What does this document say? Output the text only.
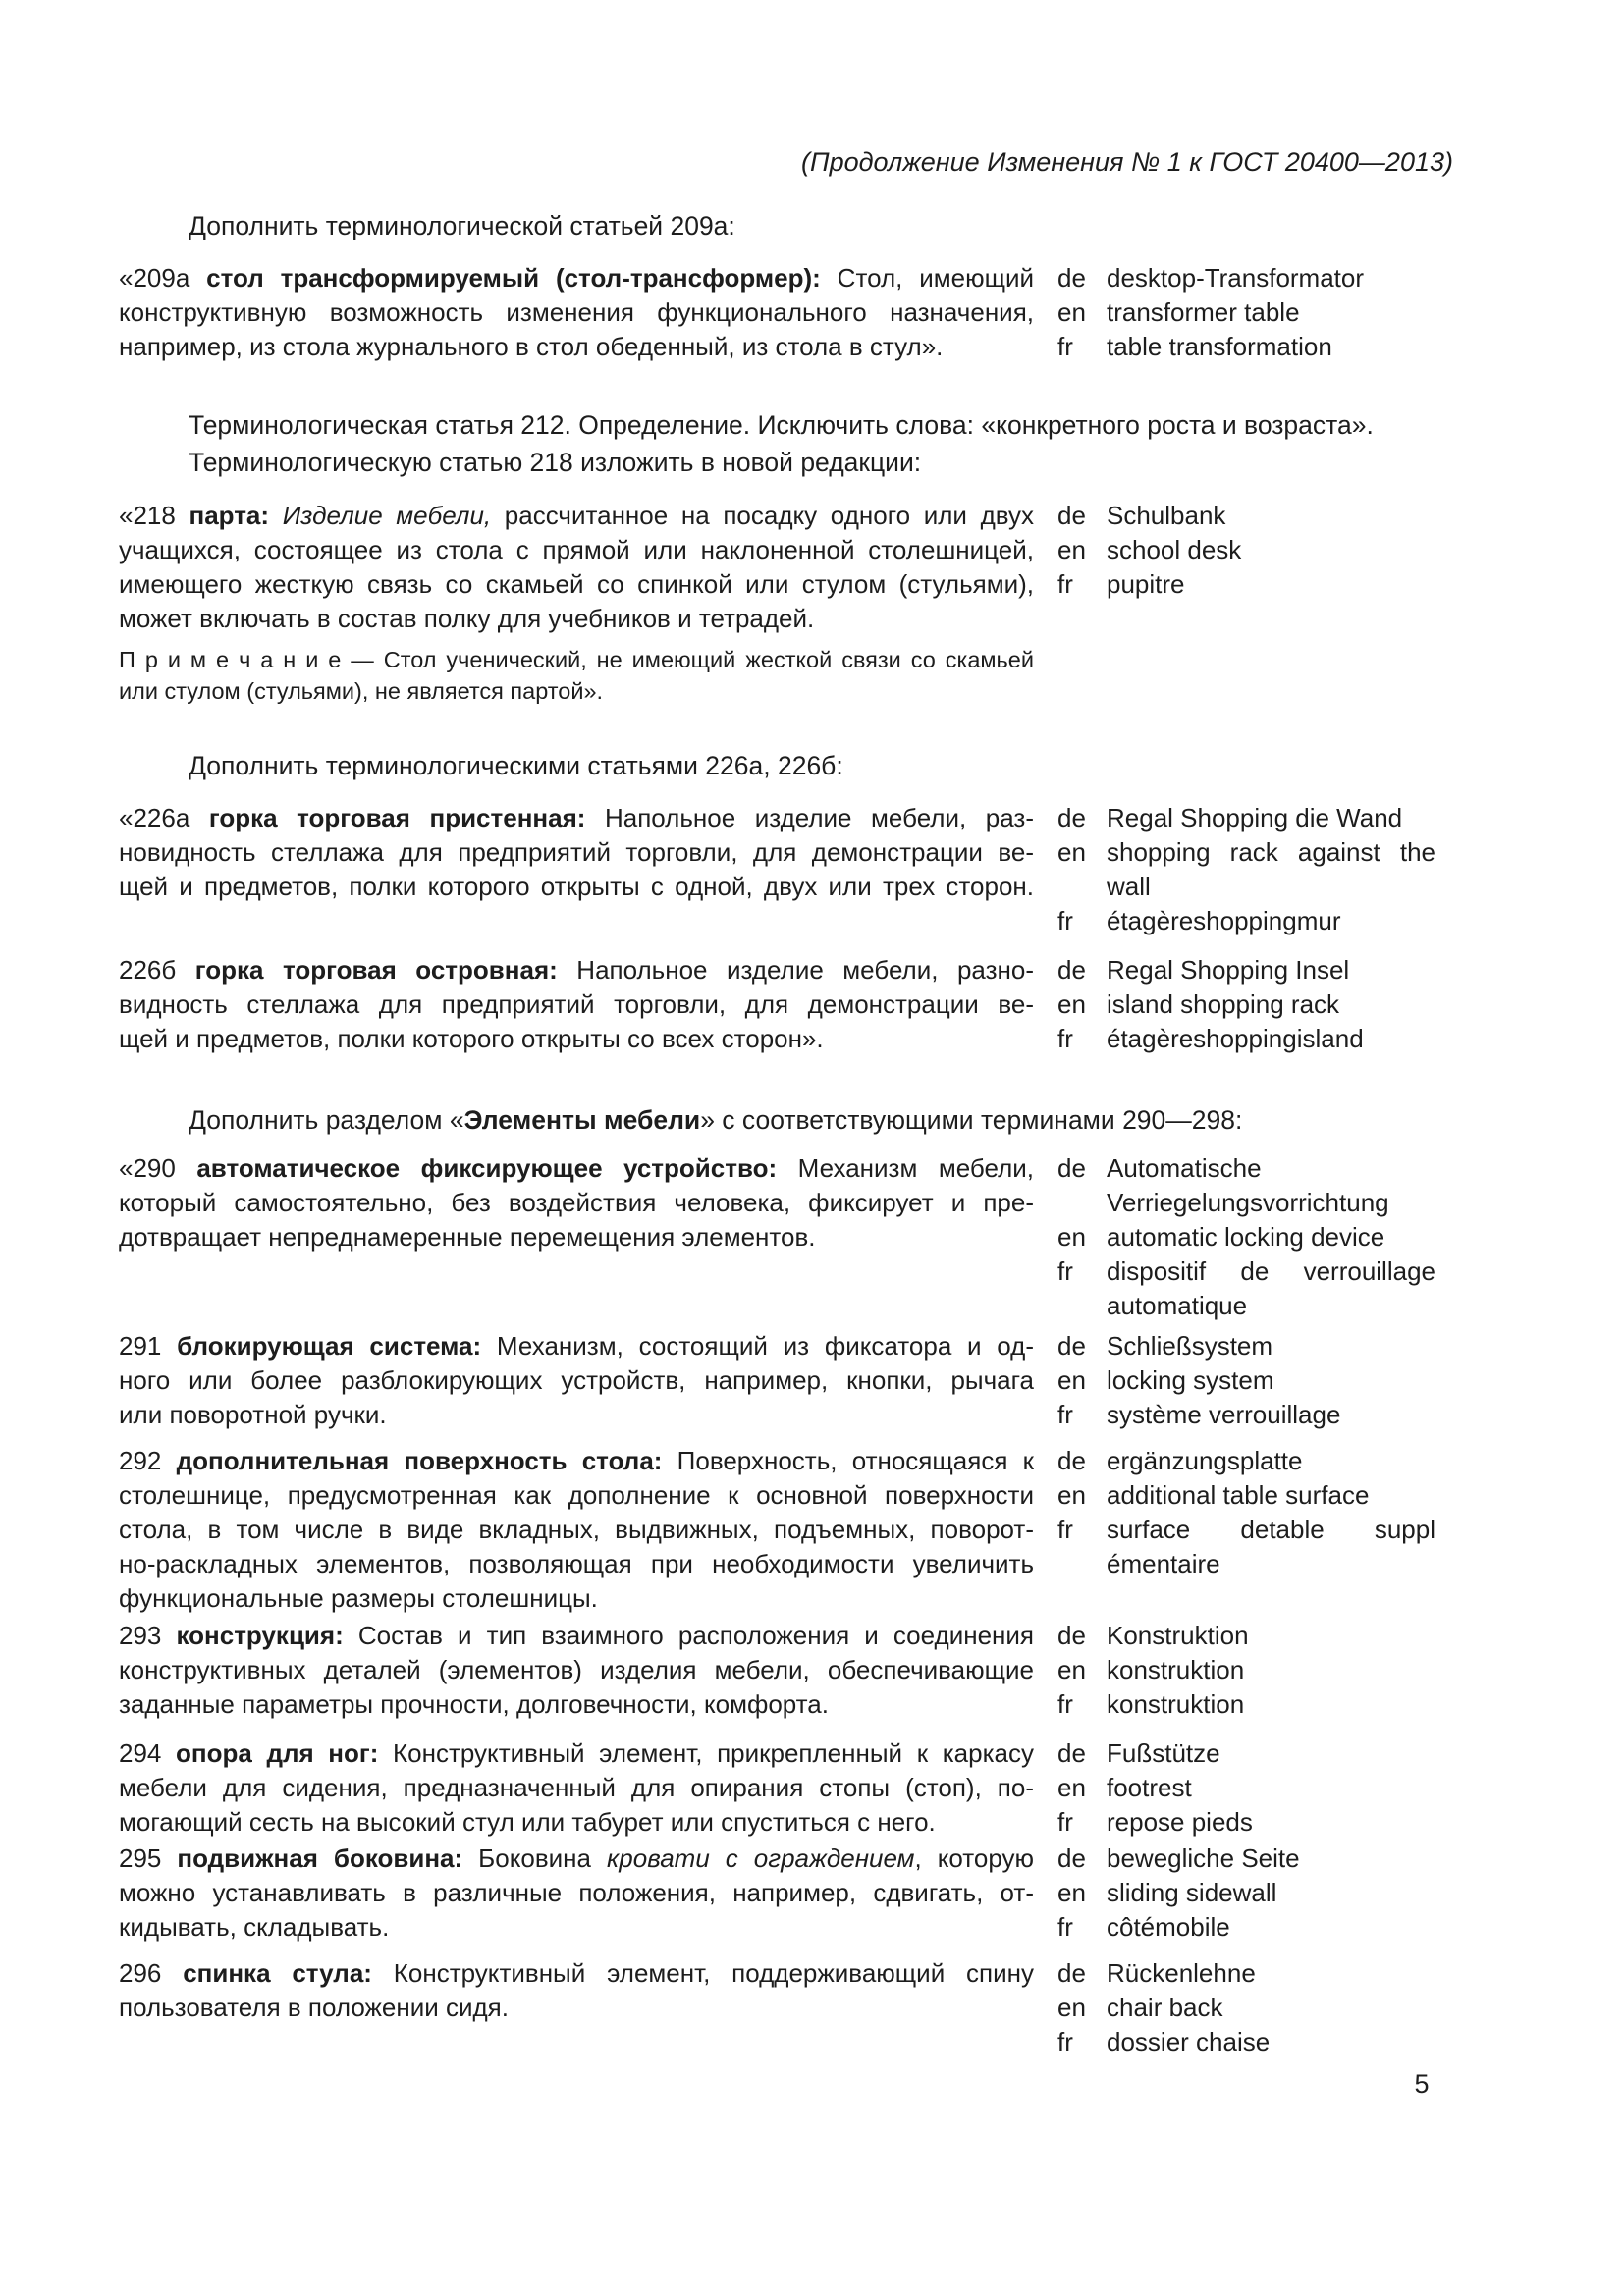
(Продолжение Изменения № 1 к ГОСТ 20400—2013)
Дополнить терминологической статьей 209а:
«209а стол трансформируемый (стол-трансформер): Стол, имеющий
конструктивную возможность изменения функционального назначения,
например, из стола журнального в стол обеденный, из стола в стул».
de desktop-Transformator
en transformer table
fr	table transformation
Терминологическая статья 212. Определение. Исключить слова: «конкретного роста и возраста».
Терминологическую статью 218 изложить в новой редакции:
«218 парта: Изделие мебели, рассчитанное на посадку одного или двух
учащихся, состоящее из стола с прямой или наклоненной столешницей,
имеющего жесткую связь со скамьей со спинкой или стулом (стульями),
может включать в состав полку для учебников и тетрадей.
de Schulbank
en school desk
fr	pupitre
П р и м е ч а н и е — Стол ученический, не имеющий жесткой связи со скамьей
или стулом (стульями), не является партой».
Дополнить терминологическими статьями 226а, 226б:
«226а горка торговая пристенная: Напольное изделие мебели, раз-
новидность стеллажа для предприятий торговли, для демонстрации ве-
щей и предметов, полки которого открыты с одной, двух или трех сторон.
de Regal Shopping die Wand
en shopping rack against the
wall
fr	étagèreshoppingmur
226б горка торговая островная: Напольное изделие мебели, разно-
видность стеллажа для предприятий торговли, для демонстрации ве-
щей и предметов, полки которого открыты со всех сторон».
de Regal Shopping Insel
en island shopping rack
fr	étagèreshoppingisland
Дополнить разделом «Элементы мебели» с соответствующими терминами 290—298:
«290 автоматическое фиксирующее устройство: Механизм мебели,
который самостоятельно, без воздействия человека, фиксирует и пре-
дотвращает непреднамеренные перемещения элементов.
de Automatische
Verriegelungsvorrichtung
en automatic locking device
fr	dispositif de verrouillage
automatique
291 блокирующая система: Механизм, состоящий из фиксатора и од-
ного или более разблокирующих устройств, например, кнопки, рычага
или поворотной ручки.
de Schließsystem
en locking system
fr	système verrouillage
292 дополнительная поверхность стола: Поверхность, относящаяся к
столешнице, предусмотренная как дополнение к основной поверхности
стола, в том числе в виде вкладных, выдвижных, подъемных, поворот-
но-раскладных элементов, позволяющая при необходимости увеличить
функциональные размеры столешницы.
de ergänzungsplatte
en additional table surface
fr	surface detable suppl
émentaire
293 конструкция: Состав и тип взаимного расположения и соединения
конструктивных деталей (элементов) изделия мебели, обеспечивающие
заданные параметры прочности, долговечности, комфорта.
de Konstruktion
en konstruktion
fr	konstruktion
294 опора для ног: Конструктивный элемент, прикрепленный к каркасу
мебели для сидения, предназначенный для опирания стопы (стоп), по-
могающий сесть на высокий стул или табурет или спуститься с него.
de Fußstütze
en footrest
fr	repose pieds
295 подвижная боковина: Боковина кровати с ограждением, которую
можно устанавливать в различные положения, например, сдвигать, от-
кидывать, складывать.
de bewegliche Seite
en sliding sidewall
fr	côtémobile
296 спинка стула: Конструктивный элемент, поддерживающий спину
пользователя в положении сидя.
de Rückenlehne
en chair back
fr	dossier chaise
5
